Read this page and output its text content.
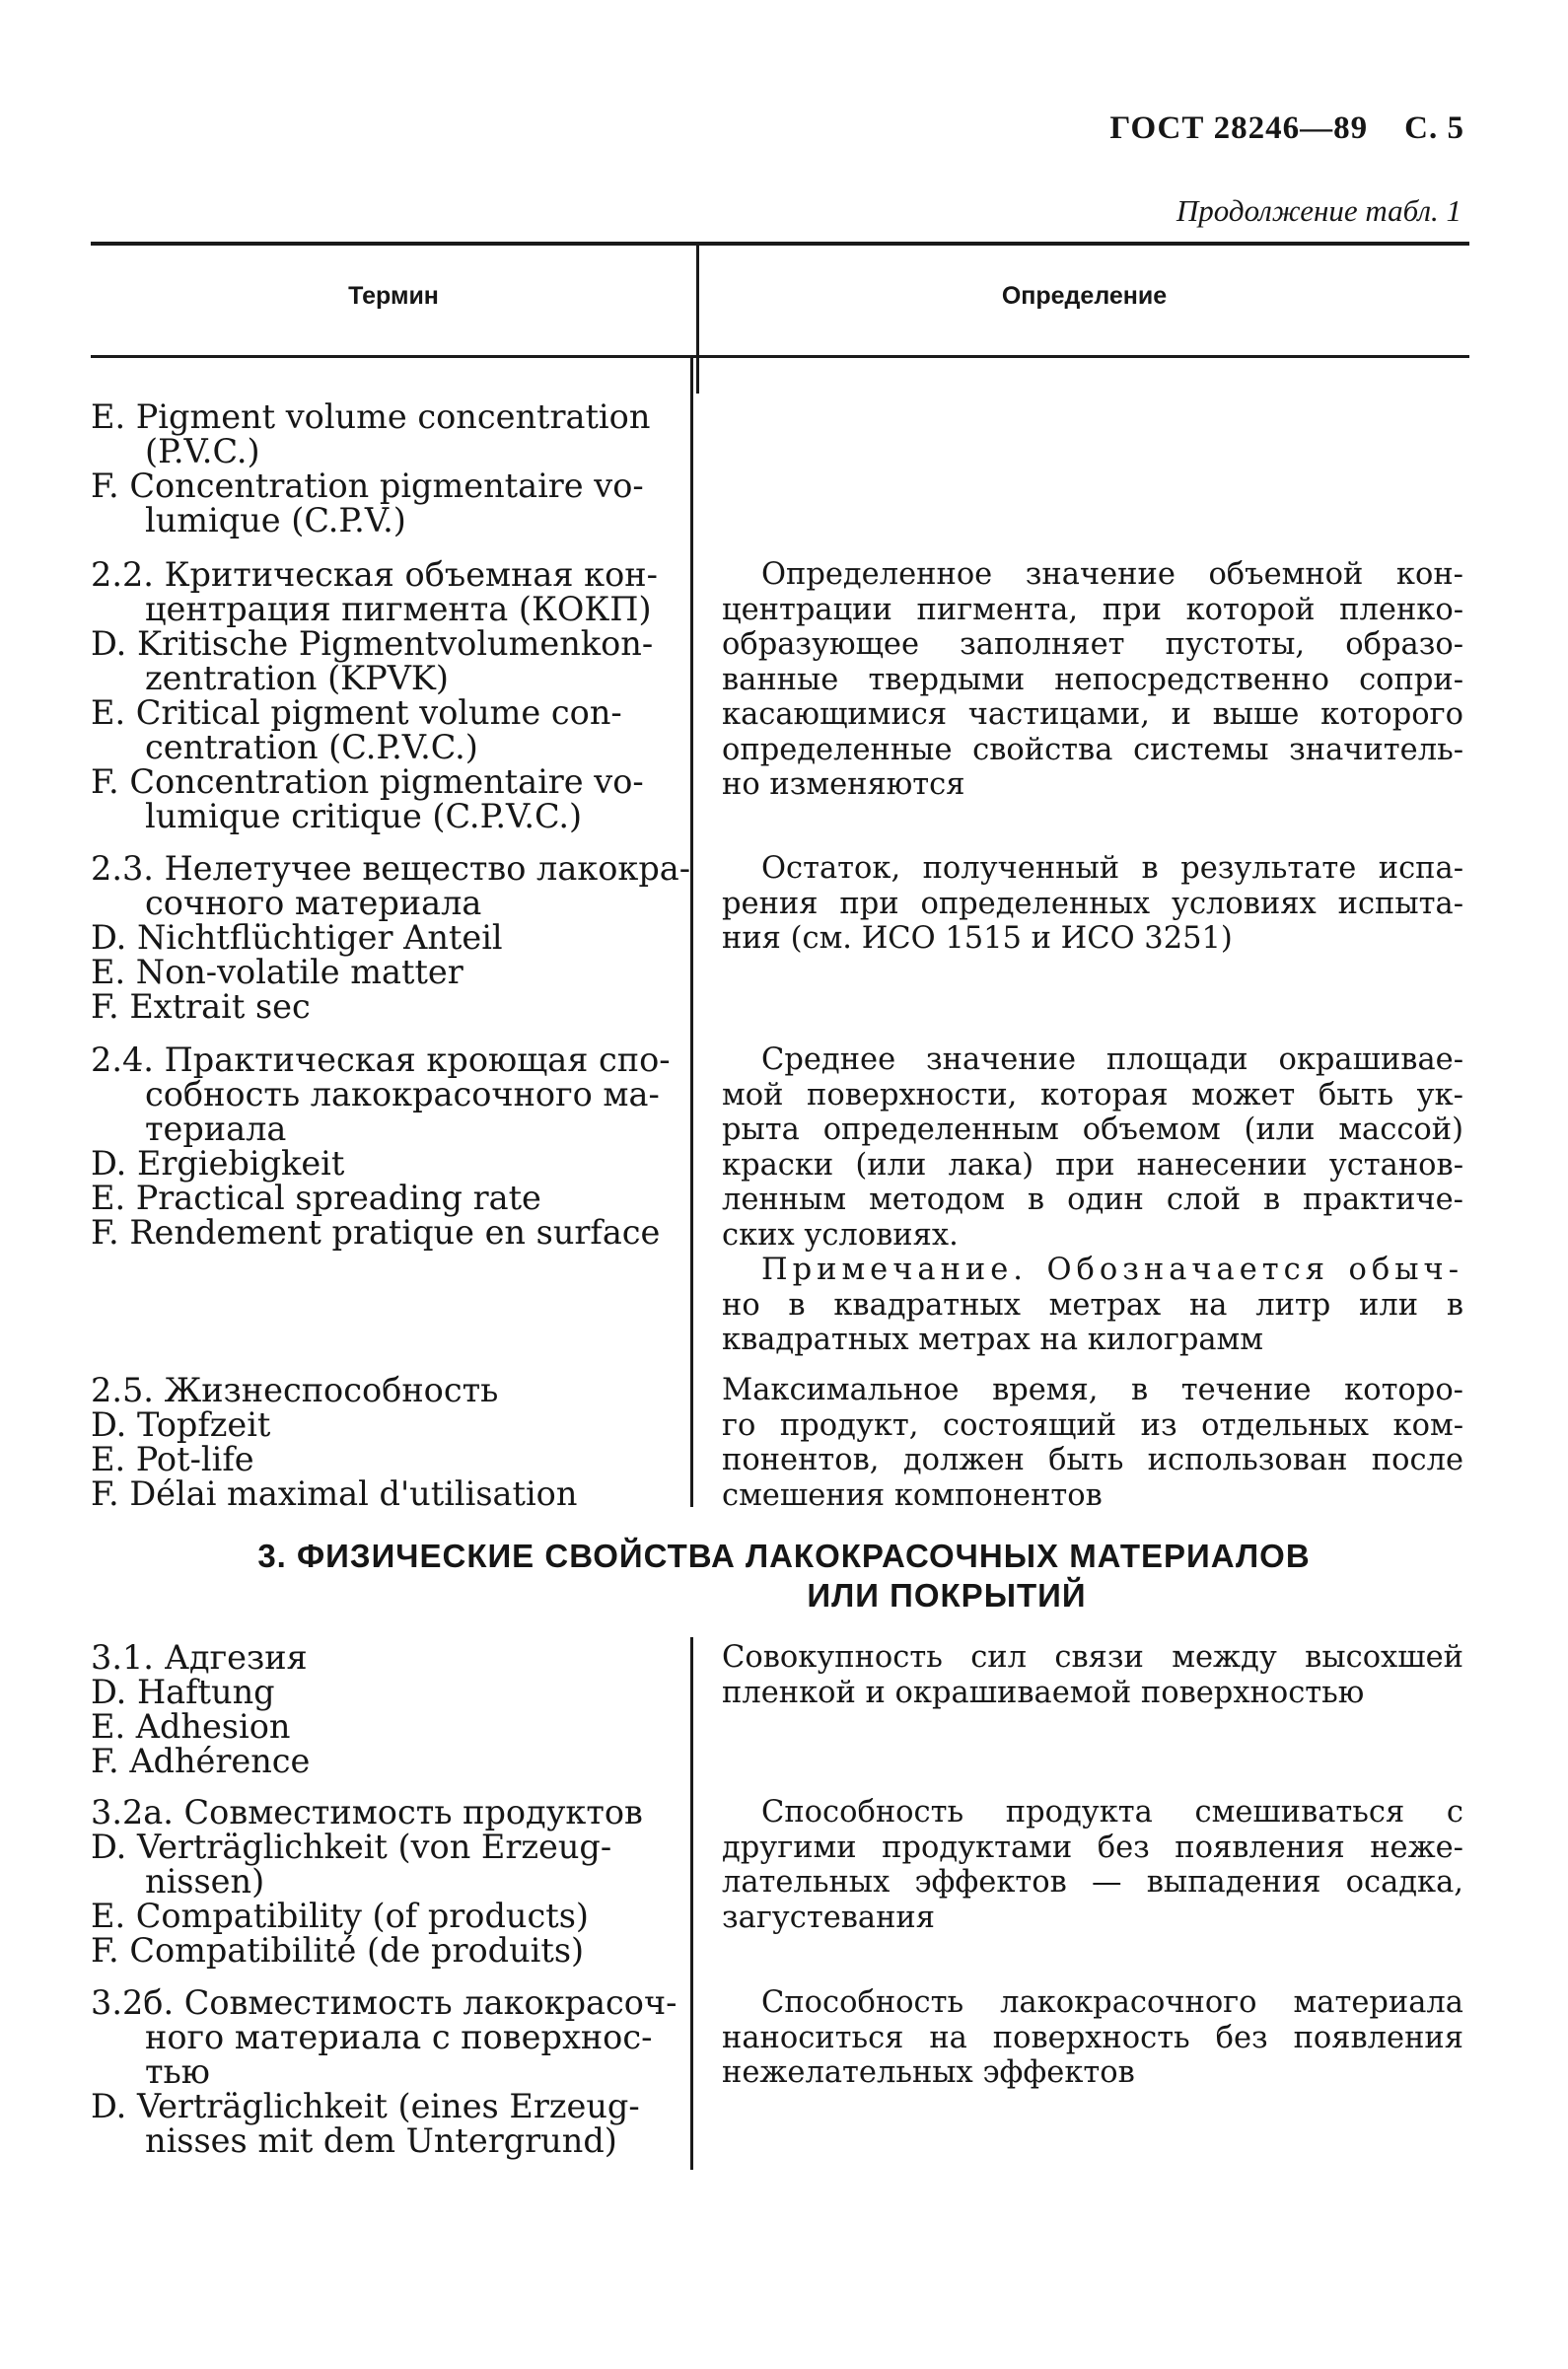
ГОСТ 28246—89 С. 5
Продолжение табл. 1
Термин	Определение
E. Pigment volume concentration
(P.V.C.)
F. Concentration pigmentaire vo-
lumique (C.P.V.)
2.2. Критическая объемная кон-
центрация пигмента (КОКП)
D. Kritische Pigmentvolumenkon-
zentration (KPVK)
E. Critical pigment volume con-
centration (C.P.V.C.)
F. Concentration pigmentaire vo-
lumique critique (C.P.V.C.)
Определенное значение объемной кон-
центрации пигмента, при которой пленко-
образующее заполняет пустоты, образо-
ванные твердыми непосредственно сопри-
касающимися частицами, и выше которого
определенные свойства системы значитель-
но изменяются
2.3. Нелетучее вещество лакокра-
сочного материала
D. Nichtflüchtiger Anteil
E. Non-volatile matter
F. Extrait sec
Остаток, полученный в результате испа-
рения при определенных условиях испыта-
ния (см. ИСО 1515 и ИСО 3251)
2.4. Практическая кроющая спо-
собность лакокрасочного ма-
териала
D. Ergiebigkeit
E. Practical spreading rate
F. Rendement pratique en surface
Среднее значение площади окрашивае-
мой поверхности, которая может быть ук-
рыта определенным объемом (или массой)
краски (или лака) при нанесении установ-
ленным методом в один слой в практиче-
ских условиях.
Примечание. Обозначается обыч-
но в квадратных метрах на литр или в
квадратных метрах на килограмм
2.5. Жизнеспособность
D. Topfzeit
E. Pot-life
F. Délai maximal d'utilisation
Максимальное время, в течение которо-
го продукт, состоящий из отдельных ком-
понентов, должен быть использован после
смешения компонентов
3. ФИЗИЧЕСКИЕ СВОЙСТВА ЛАКОКРАСОЧНЫХ МАТЕРИАЛОВ
ИЛИ ПОКРЫТИЙ
3.1. Адгезия
D. Haftung
E. Adhesion
F. Adhérence
Совокупность сил связи между высохшей
пленкой и окрашиваемой поверхностью
3.2а. Совместимость продуктов
D. Verträglichkeit (von Erzeug-
nissen)
E. Compatibility (of products)
F. Compatibilité (de produits)
Способность продукта смешиваться с
другими продуктами без появления неже-
лательных эффектов — выпадения осадка,
загустевания
3.2б. Совместимость лакокрасоч-
ного материала с поверхнос-
тью
D. Verträglichkeit (eines Erzeug-
nisses mit dem Untergrund)
Способность лакокрасочного материала
наноситься на поверхность без появления
нежелательных эффектов
